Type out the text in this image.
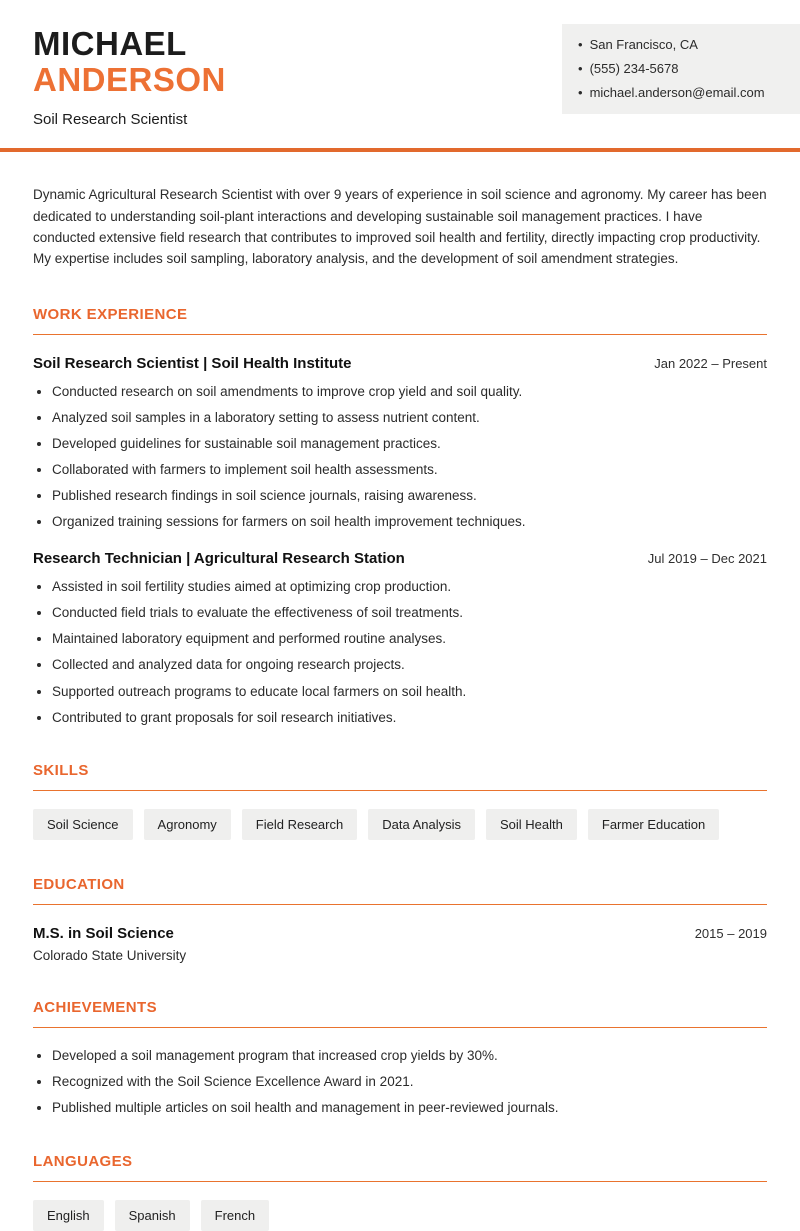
MICHAEL
ANDERSON
Soil Research Scientist
• San Francisco, CA
• (555) 234-5678
• michael.anderson@email.com

Dynamic Agricultural Research Scientist with over 9 years of experience in soil science and agronomy. My career has been dedicated to understanding soil-plant interactions and developing sustainable soil management practices. I have conducted extensive field research that contributes to improved soil health and fertility, directly impacting crop productivity. My expertise includes soil sampling, laboratory analysis, and the development of soil amendment strategies.

WORK EXPERIENCE
Soil Research Scientist | Soil Health Institute	Jan 2022 – Present
• Conducted research on soil amendments to improve crop yield and soil quality.
• Analyzed soil samples in a laboratory setting to assess nutrient content.
• Developed guidelines for sustainable soil management practices.
• Collaborated with farmers to implement soil health assessments.
• Published research findings in soil science journals, raising awareness.
• Organized training sessions for farmers on soil health improvement techniques.
Research Technician | Agricultural Research Station	Jul 2019 – Dec 2021
• Assisted in soil fertility studies aimed at optimizing crop production.
• Conducted field trials to evaluate the effectiveness of soil treatments.
• Maintained laboratory equipment and performed routine analyses.
• Collected and analyzed data for ongoing research projects.
• Supported outreach programs to educate local farmers on soil health.
• Contributed to grant proposals for soil research initiatives.
SKILLS
Soil Science	Agronomy	Field Research	Data Analysis	Soil Health	Farmer Education
EDUCATION
M.S. in Soil Science	2015 – 2019
Colorado State University
ACHIEVEMENTS
• Developed a soil management program that increased crop yields by 30%.
• Recognized with the Soil Science Excellence Award in 2021.
• Published multiple articles on soil health and management in peer-reviewed journals.
LANGUAGES
English	Spanish	French
